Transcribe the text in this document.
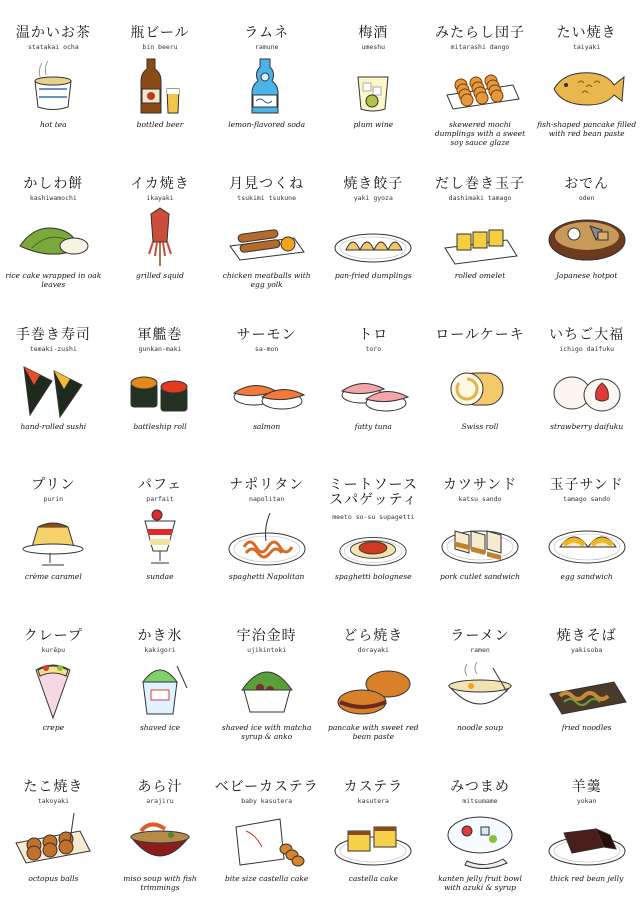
温かいお茶
statakai ocha
hot tea
瓶ビール
bin beeru
bottled beer
ラムネ
ramune
lemon-flavored soda
梅酒
umeshu
plum wine
みたらし団子
mitarashi dango
skewered mochi dumplings with a sweet soy sauce glaze
たい焼き
taiyaki
fish-shaped pancake filled with red bean paste
かしわ餅
kashiwamochi
rice cake wrapped in oak leaves
イカ焼き
ikayaki
grilled squid
月見つくね
tsukimi tsukune
chicken meatballs with egg yolk
焼き餃子
yaki gyoza
pan-fried dumplings
だし巻き玉子
dashimaki tamago
rolled omelet
おでん
oden
Japanese hotpot
手巻き寿司
temaki-zushi
hand-rolled sushi
軍艦巻
gunkan-maki
battleship roll
サーモン
sa-mon
salmon
トロ
toro
fatty tuna
ロールケーキ
Swiss roll
いちご大福
ichigo daifuku
strawberry daifuku
プリン
purin
crème caramel
パフェ
parfait
sundae
ナポリタン
napolitan
spaghetti Napolitan
ミートソース
スパゲッティ
meeto so-su supagetti
spaghetti bolognese
カツサンド
katsu sando
pork cutlet sandwich
玉子サンド
tamago sando
egg sandwich
クレープ
kurēpu
crepe
かき氷
kakigori
shaved ice
宇治金時
ujikintoki
shaved ice with matcha syrup & anko
どら焼き
dorayaki
pancake with sweet red bean paste
ラーメン
ramen
noodle soup
焼きそば
yakisoba
fried noodles
たこ焼き
takoyaki
octopus balls
あら汁
arajiru
miso soup with fish trimmings
ベビーカステラ
baby kasutera
bite size castella cake
カステラ
kasutera
castella cake
みつまめ
mitsumame
kanten jelly fruit bowl with azuki & syrup
羊羹
yokan
thick red bean jelly
